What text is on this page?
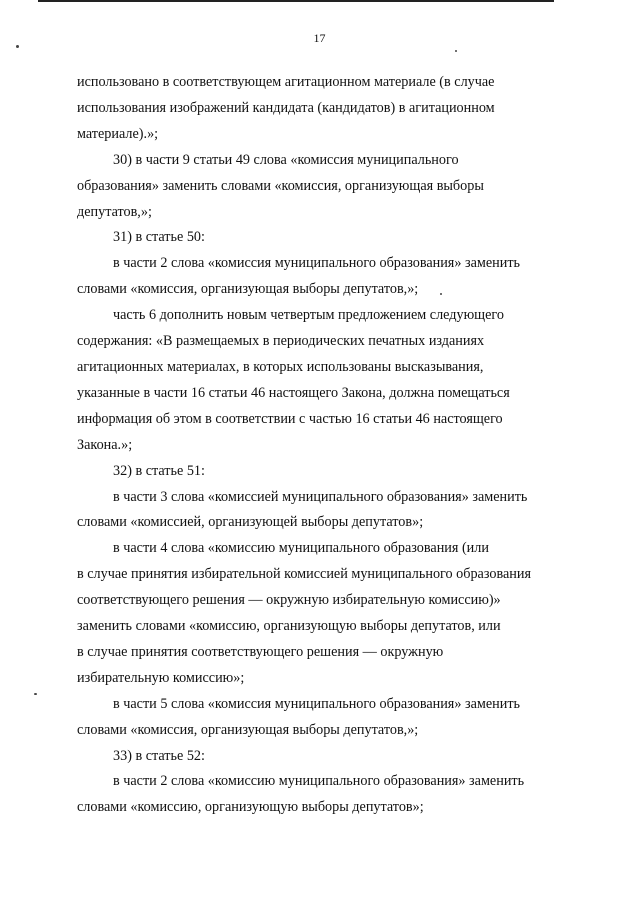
17

использовано в соответствующем агитационном материале (в случае

использования изображений кандидата (кандидатов) в агитационном

материале).»;

30) в части 9 статьи 49 слова «комиссия муниципального

образования» заменить словами «комиссия, организующая выборы

депутатов,»;

31) в статье 50:

в части 2 слова «комиссия муниципального образования» заменить

словами «комиссия, организующая выборы депутатов,»;

часть 6 дополнить новым четвертым предложением следующего

содержания: «В размещаемых в периодических печатных изданиях

агитационных материалах, в которых использованы высказывания,

указанные в части 16 статьи 46 настоящего Закона, должна помещаться

информация об этом в соответствии с частью 16 статьи 46 настоящего

Закона.»;

32) в статье 51:

в части 3 слова «комиссией муниципального образования» заменить

словами «комиссией, организующей выборы депутатов»;

в части 4 слова «комиссию муниципального образования (или

в случае принятия избирательной комиссией муниципального образования

соответствующего решения — окружную избирательную комиссию)»

заменить словами «комиссию, организующую выборы депутатов, или

в случае принятия соответствующего решения — окружную

избирательную комиссию»;

в части 5 слова «комиссия муниципального образования» заменить

словами «комиссия, организующая выборы депутатов,»;

33) в статье 52:

в части 2 слова «комиссию муниципального образования» заменить

словами «комиссию, организующую выборы депутатов»;
